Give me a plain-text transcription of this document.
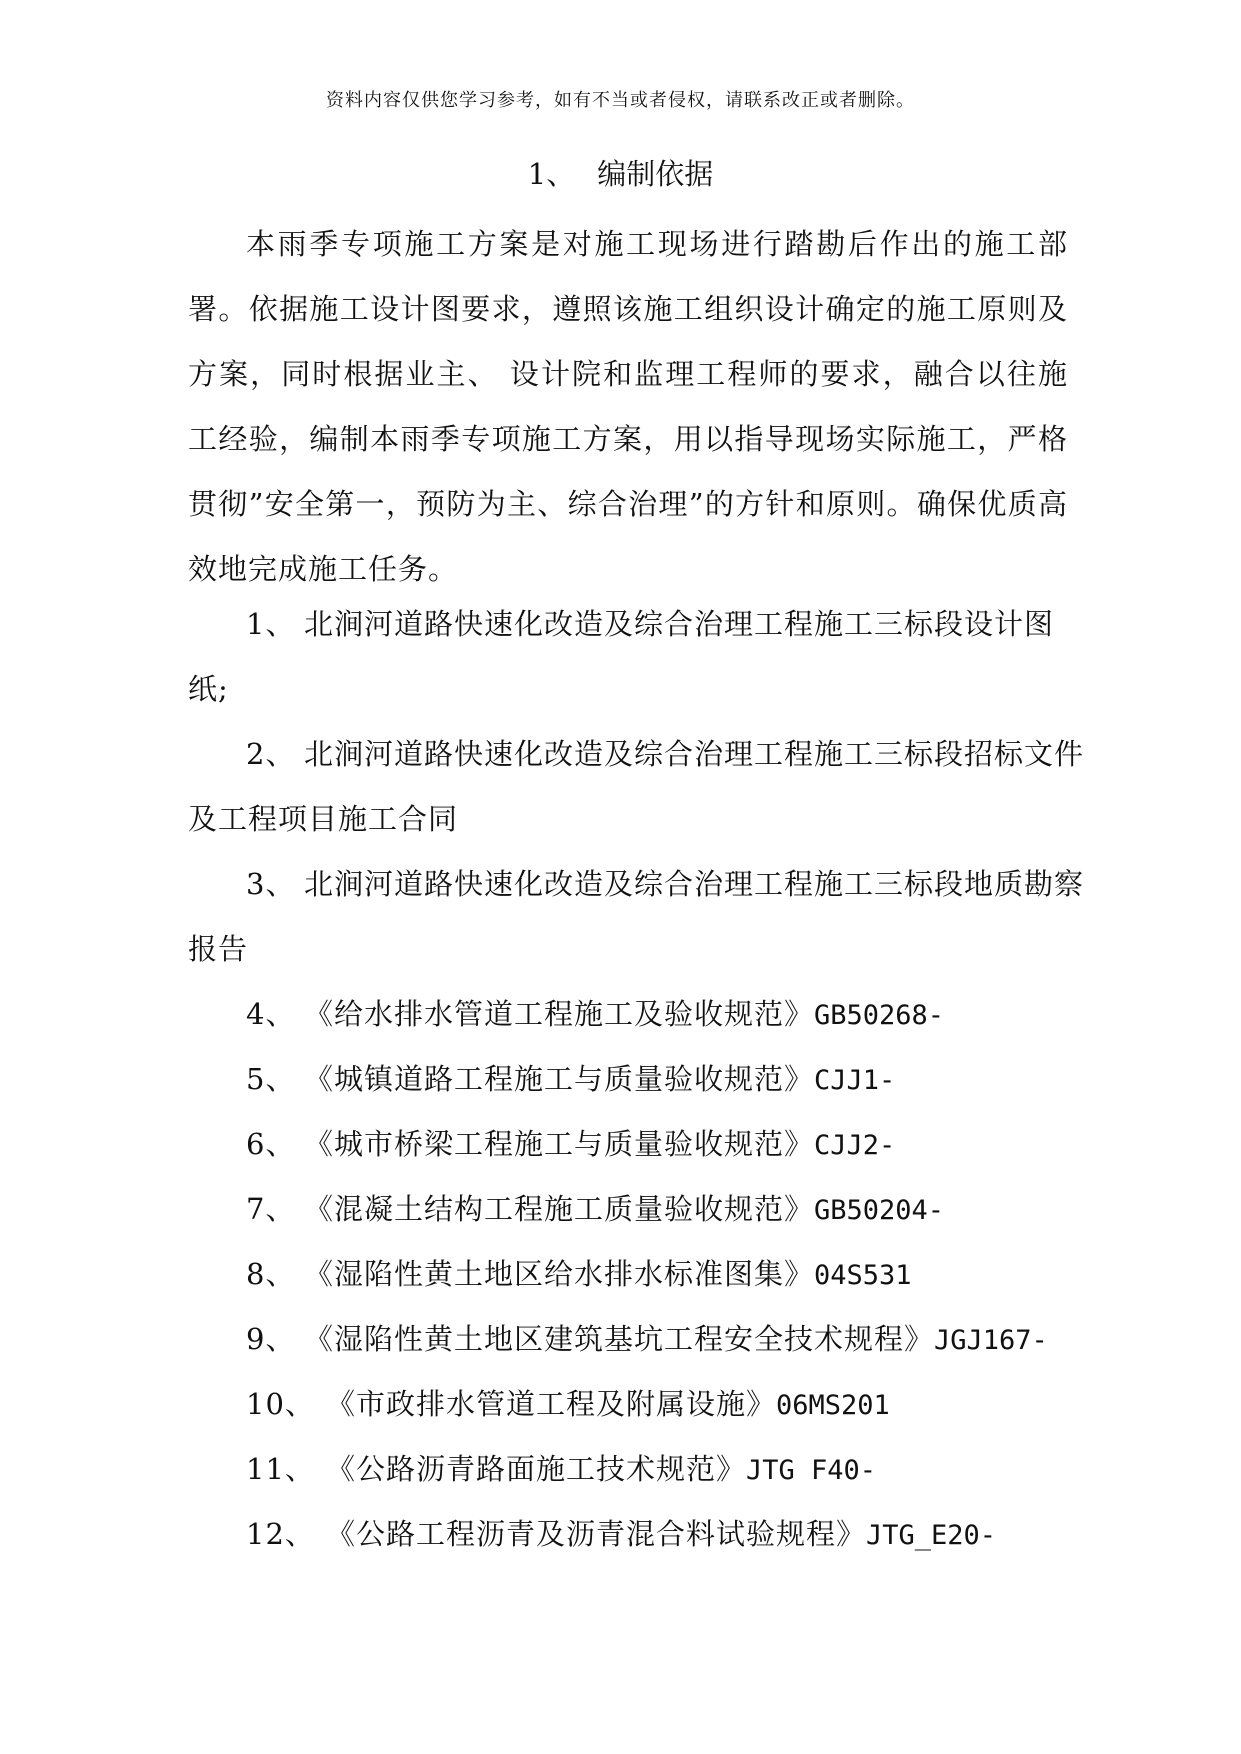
资料内容仅供您学习参考，如有不当或者侵权，请联系改正或者删除。
1、 编制依据

本雨季专项施工方案是对施工现场进行踏勘后作出的施工部署。依据施工设计图要求，遵照该施工组织设计确定的施工原则及方案，同时根据业主、 设计院和监理工程师的要求，融合以往施工经验，编制本雨季专项施工方案，用以指导现场实际施工，严格贯彻”安全第一，预防为主、综合治理”的方针和原则。确保优质高效地完成施工任务。

1、 北涧河道路快速化改造及综合治理工程施工三标段设计图纸;
2、 北涧河道路快速化改造及综合治理工程施工三标段招标文件及工程项目施工合同
3、 北涧河道路快速化改造及综合治理工程施工三标段地质勘察报告
4、 《给水排水管道工程施工及验收规范》GB50268-
5、 《城镇道路工程施工与质量验收规范》CJJ1-
6、 《城市桥梁工程施工与质量验收规范》CJJ2-
7、 《混凝土结构工程施工质量验收规范》GB50204-
8、 《湿陷性黄土地区给水排水标准图集》04S531
9、 《湿陷性黄土地区建筑基坑工程安全技术规程》JGJ167-
10、 《市政排水管道工程及附属设施》06MS201
11、 《公路沥青路面施工技术规范》JTG F40-
12、 《公路工程沥青及沥青混合料试验规程》JTG_E20-
